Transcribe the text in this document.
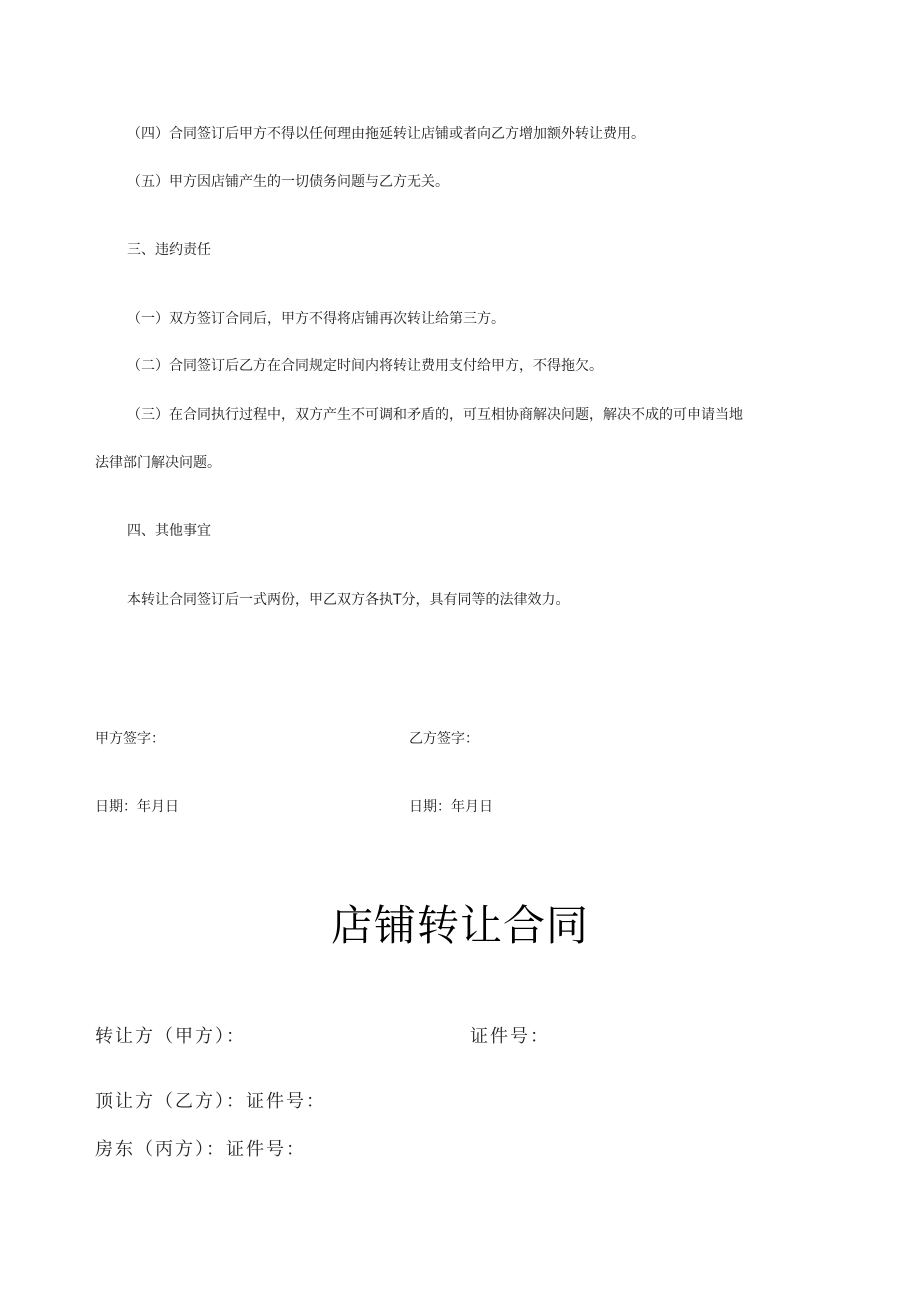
（四）合同签订后甲方不得以任何理由拖延转让店铺或者向乙方增加额外转让费用。
（五）甲方因店铺产生的一切债务问题与乙方无关。
三、违约责任
（一）双方签订合同后，甲方不得将店铺再次转让给第三方。
（二）合同签订后乙方在合同规定时间内将转让费用支付给甲方，不得拖欠。
（三）在合同执行过程中，双方产生不可调和矛盾的，可互相协商解决问题，解决不成的可申请当地
法律部门解决问题。
四、其他事宜
本转让合同签订后一式两份，甲乙双方各执T分，具有同等的法律效力。
甲方签字：	乙方签字：
日期：年月日	日期：年月日
店铺转让合同
转让方（甲方）：	证件号：
顶让方（乙方）：证件号：
房东（丙方）：证件号：
